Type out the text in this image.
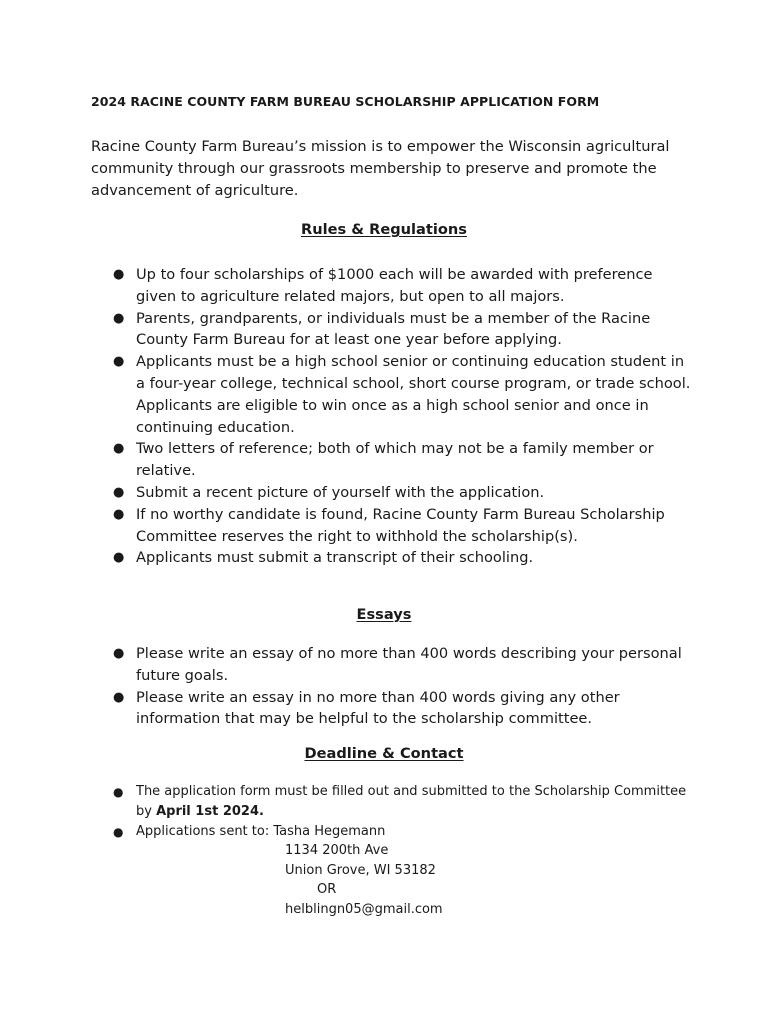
2024 RACINE COUNTY FARM BUREAU SCHOLARSHIP APPLICATION FORM
Racine County Farm Bureau’s mission is to empower the Wisconsin agricultural community through our grassroots membership to preserve and promote the advancement of agriculture.
Rules & Regulations
● Up to four scholarships of $1000 each will be awarded with preference given to agriculture related majors, but open to all majors.
● Parents, grandparents, or individuals must be a member of the Racine County Farm Bureau for at least one year before applying.
● Applicants must be a high school senior or continuing education student in a four-year college, technical school, short course program, or trade school. Applicants are eligible to win once as a high school senior and once in continuing education.
● Two letters of reference; both of which may not be a family member or relative.
● Submit a recent picture of yourself with the application.
● If no worthy candidate is found, Racine County Farm Bureau Scholarship Committee reserves the right to withhold the scholarship(s).
● Applicants must submit a transcript of their schooling.
Essays
● Please write an essay of no more than 400 words describing your personal future goals.
● Please write an essay in no more than 400 words giving any other information that may be helpful to the scholarship committee.
Deadline & Contact
● The application form must be filled out and submitted to the Scholarship Committee by April 1st 2024.
● Applications sent to: Tasha Hegemann
1134 200th Ave
Union Grove, WI 53182
OR
helblingn05@gmail.com
